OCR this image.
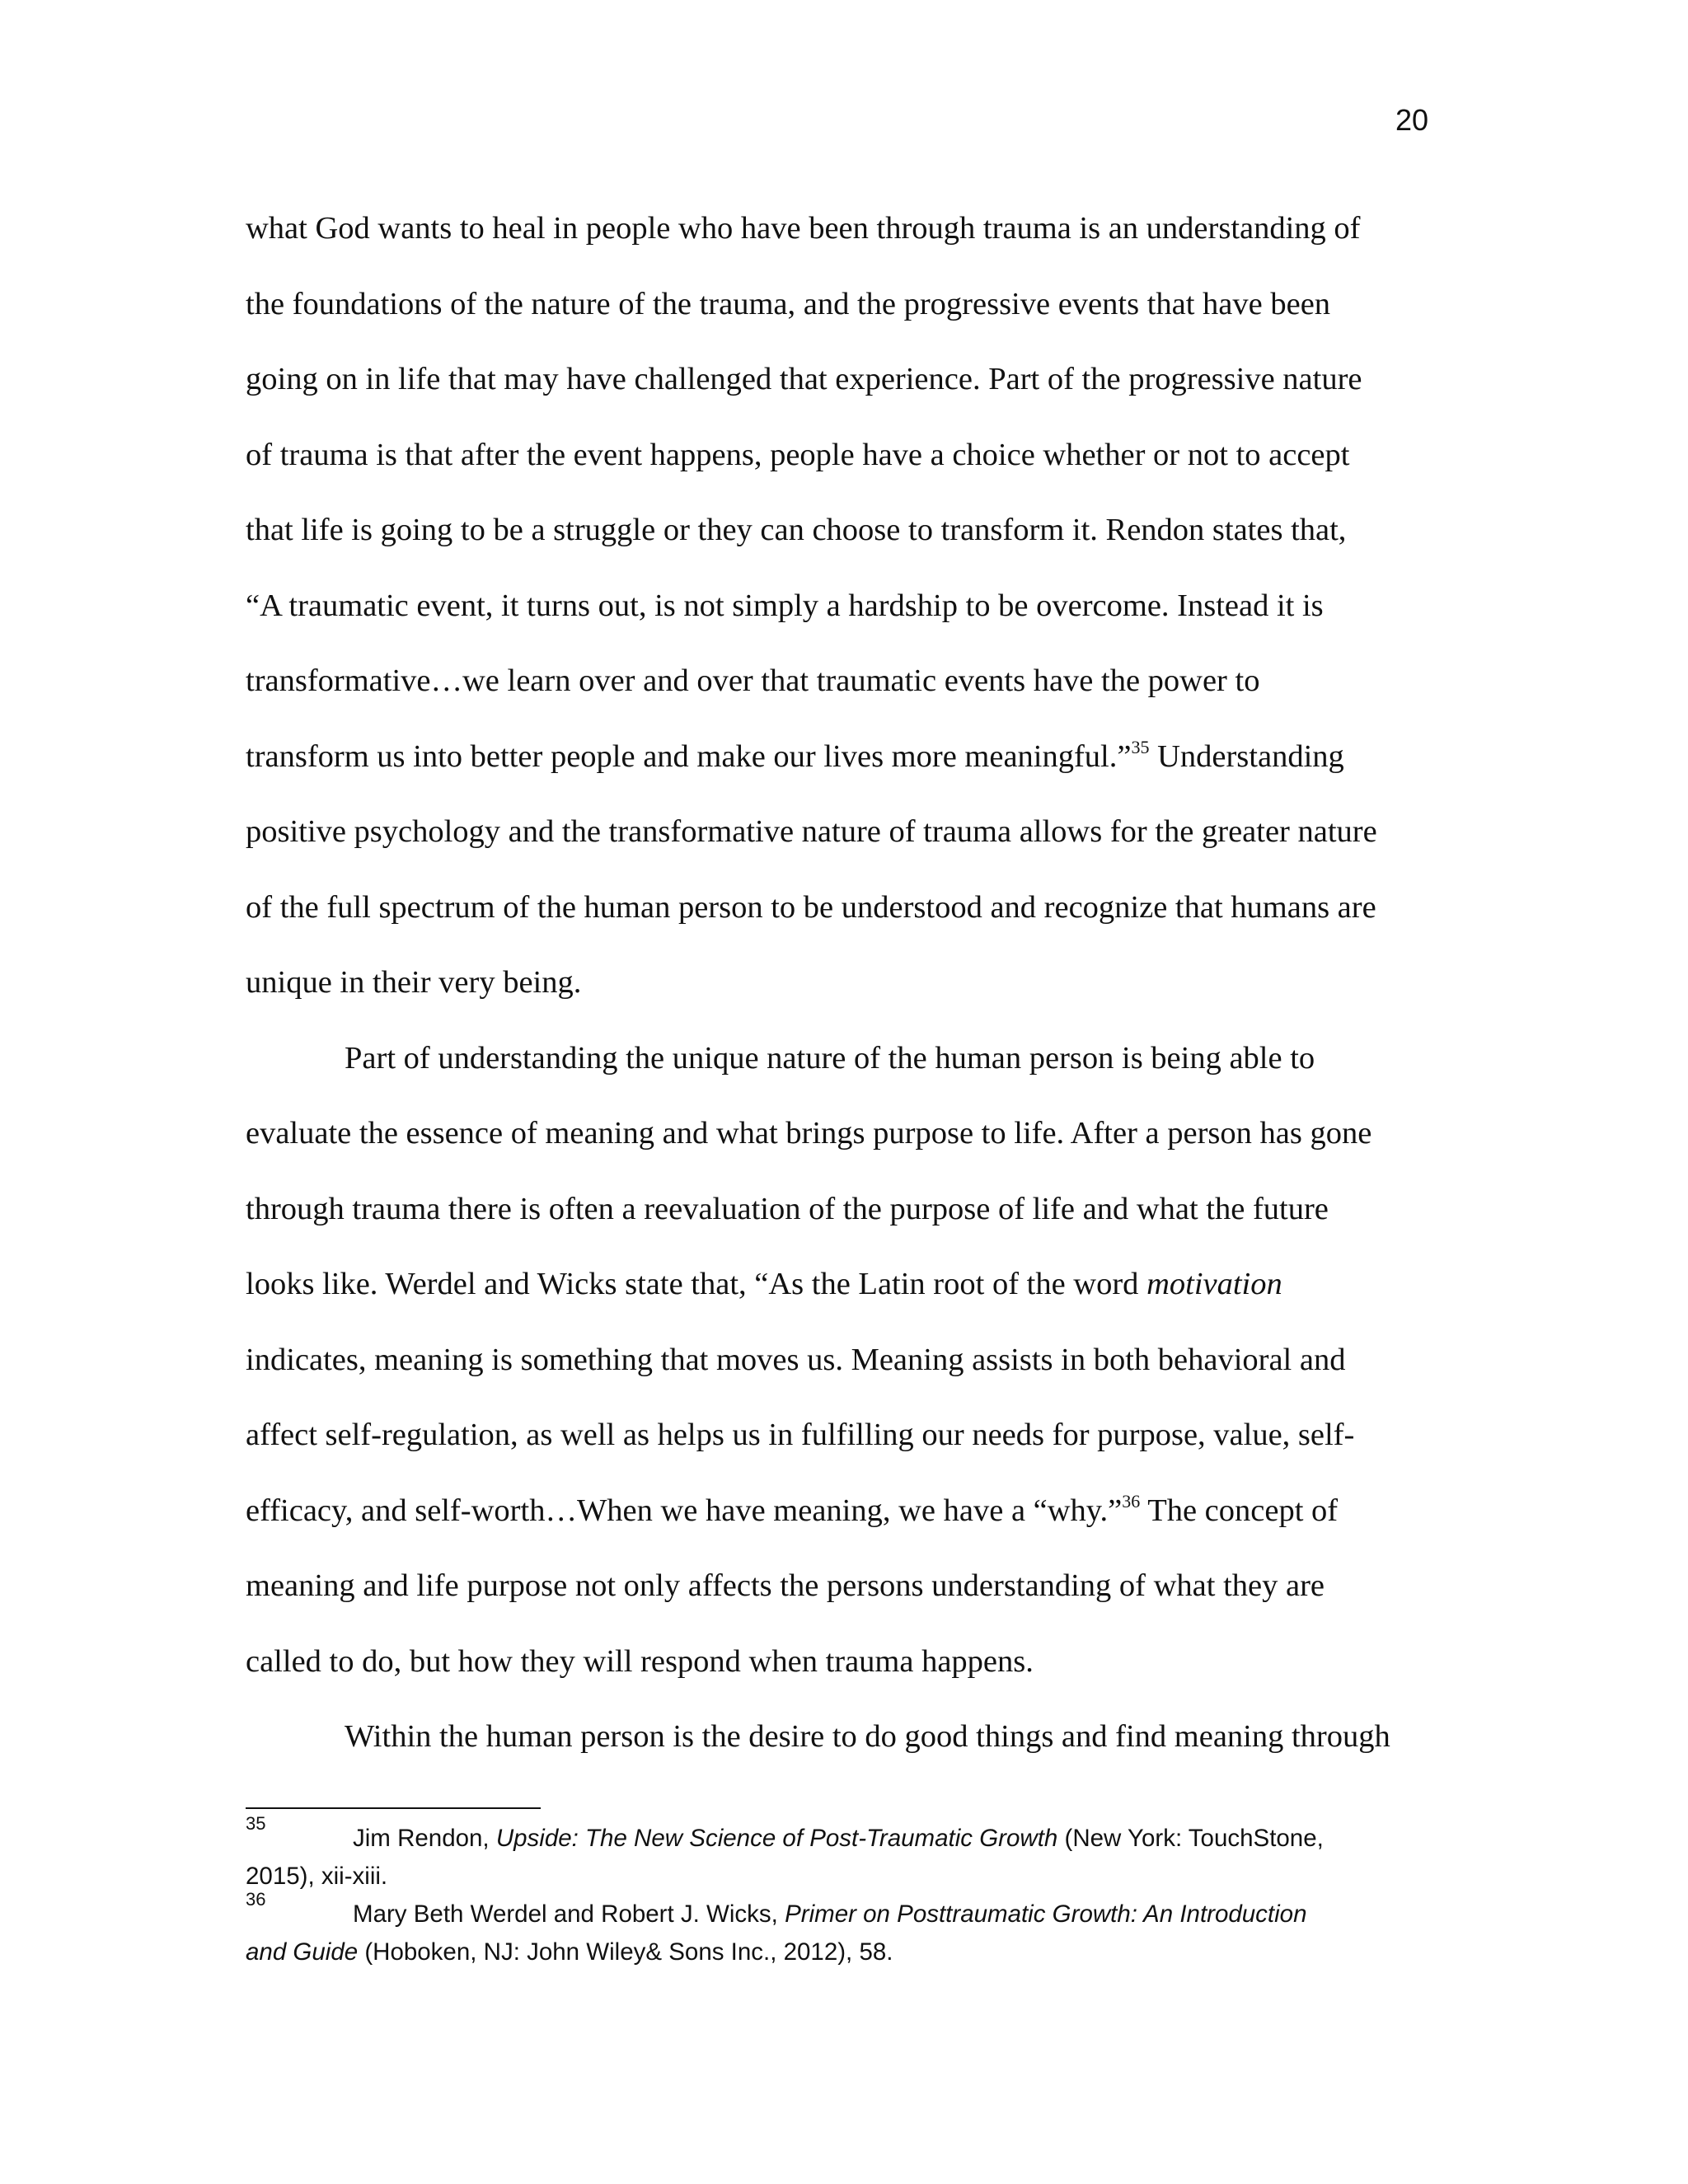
20
what God wants to heal in people who have been through trauma is an understanding of
the foundations of the nature of the trauma, and the progressive events that have been
going on in life that may have challenged that experience. Part of the progressive nature
of trauma is that after the event happens, people have a choice whether or not to accept
that life is going to be a struggle or they can choose to transform it. Rendon states that,
“A traumatic event, it turns out, is not simply a hardship to be overcome. Instead it is
transformative…we learn over and over that traumatic events have the power to
transform us into better people and make our lives more meaningful.”$^{35}$ Understanding
positive psychology and the transformative nature of trauma allows for the greater nature
of the full spectrum of the human person to be understood and recognize that humans are
unique in their very being.
Part of understanding the unique nature of the human person is being able to
evaluate the essence of meaning and what brings purpose to life. After a person has gone
through trauma there is often a reevaluation of the purpose of life and what the future
looks like. Werdel and Wicks state that, “As the Latin root of the word motivation
indicates, meaning is something that moves us. Meaning assists in both behavioral and
affect self-regulation, as well as helps us in fulfilling our needs for purpose, value, self-
efficacy, and self-worth…When we have meaning, we have a “why.”$^{36}$ The concept of
meaning and life purpose not only affects the persons understanding of what they are
called to do, but how they will respond when trauma happens.
Within the human person is the desire to do good things and find meaning through
35
Jim Rendon, Upside: The New Science of Post-Traumatic Growth (New York: TouchStone,
2015), xii-xiii.
36
Mary Beth Werdel and Robert J. Wicks, Primer on Posttraumatic Growth: An Introduction
and Guide (Hoboken, NJ: John Wiley& Sons Inc., 2012), 58.
